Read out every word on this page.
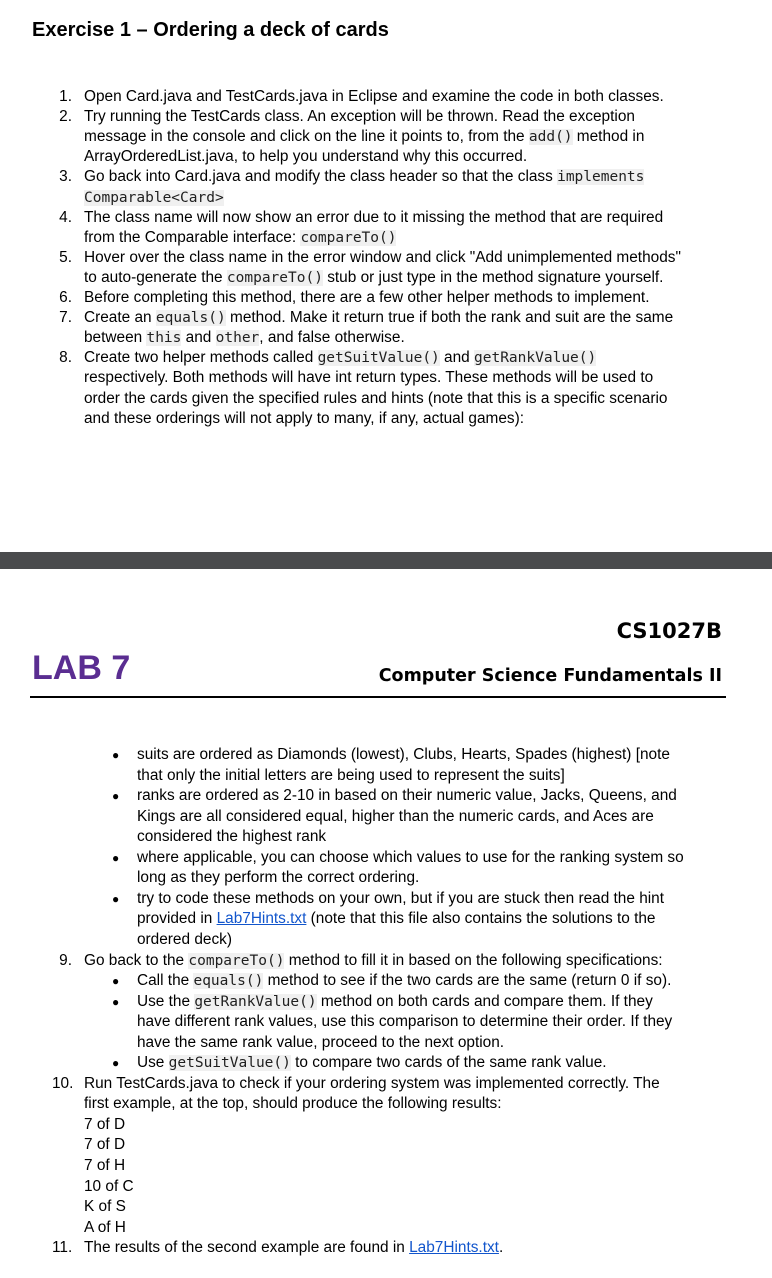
Exercise 1 – Ordering a deck of cards
1. Open Card.java and TestCards.java in Eclipse and examine the code in both classes.
2. Try running the TestCards class. An exception will be thrown. Read the exception
message in the console and click on the line it points to, from the add() method in
ArrayOrderedList.java, to help you understand why this occurred.
3. Go back into Card.java and modify the class header so that the class implements
Comparable<Card>
4. The class name will now show an error due to it missing the method that are required
from the Comparable interface: compareTo()
5. Hover over the class name in the error window and click "Add unimplemented methods"
to auto-generate the compareTo() stub or just type in the method signature yourself.
6. Before completing this method, there are a few other helper methods to implement.
7. Create an equals() method. Make it return true if both the rank and suit are the same
between this and other, and false otherwise.
8. Create two helper methods called getSuitValue() and getRankValue()
respectively. Both methods will have int return types. These methods will be used to
order the cards given the specified rules and hints (note that this is a specific scenario
and these orderings will not apply to many, if any, actual games):
CS1027B
LAB 7	Computer Science Fundamentals II
● suits are ordered as Diamonds (lowest), Clubs, Hearts, Spades (highest) [note
that only the initial letters are being used to represent the suits]
● ranks are ordered as 2-10 in based on their numeric value, Jacks, Queens, and
Kings are all considered equal, higher than the numeric cards, and Aces are
considered the highest rank
● where applicable, you can choose which values to use for the ranking system so
long as they perform the correct ordering.
● try to code these methods on your own, but if you are stuck then read the hint
provided in Lab7Hints.txt (note that this file also contains the solutions to the
ordered deck)
9. Go back to the compareTo() method to fill it in based on the following specifications:
● Call the equals() method to see if the two cards are the same (return 0 if so).
● Use the getRankValue() method on both cards and compare them. If they
have different rank values, use this comparison to determine their order. If they
have the same rank value, proceed to the next option.
● Use getSuitValue() to compare two cards of the same rank value.
10. Run TestCards.java to check if your ordering system was implemented correctly. The
first example, at the top, should produce the following results:
7 of D
7 of D
7 of H
10 of C
K of S
A of H
11. The results of the second example are found in Lab7Hints.txt.
